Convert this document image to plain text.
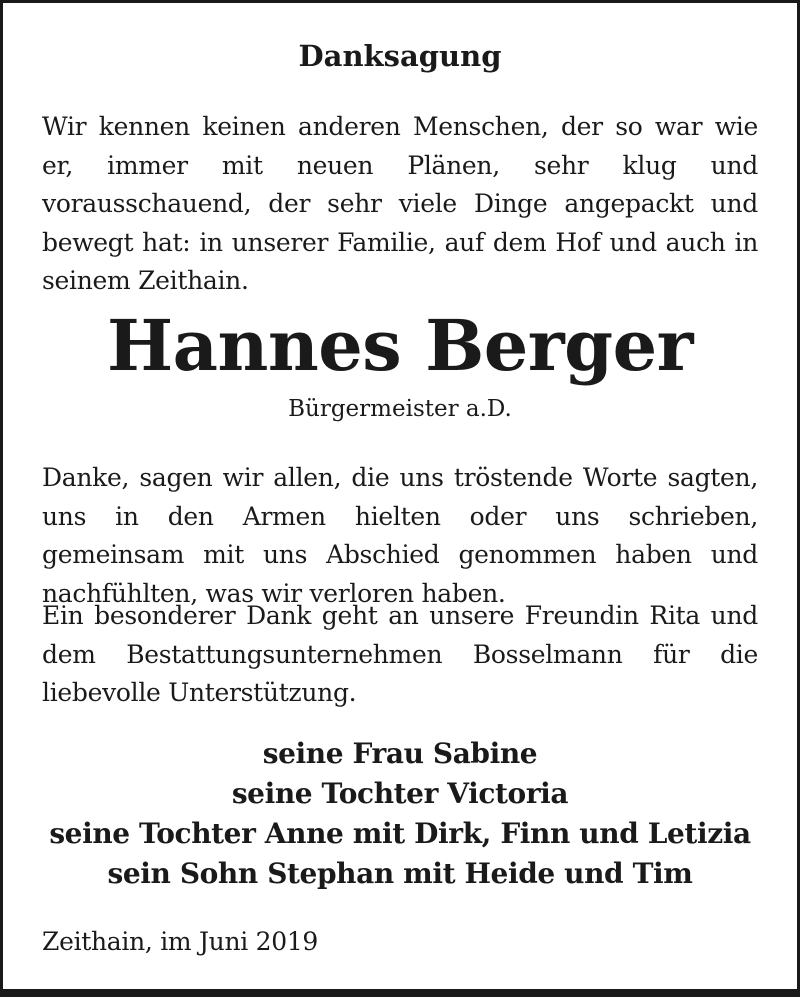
Danksagung
Wir kennen keinen anderen Menschen, der so war wie er, immer mit neuen Plänen, sehr klug und vorausschauend, der sehr viele Dinge angepackt und bewegt hat: in unserer Familie, auf dem Hof und auch in seinem Zeithain.
Hannes Berger
Bürgermeister a.D.
Danke, sagen wir allen, die uns tröstende Worte sagten, uns in den Armen hielten oder uns schrieben, gemeinsam mit uns Abschied genommen haben und nachfühlten, was wir verloren haben.
Ein besonderer Dank geht an unsere Freundin Rita und dem Bestattungsunternehmen Bosselmann für die liebevolle Unterstützung.
seine Frau Sabine
seine Tochter Victoria
seine Tochter Anne mit Dirk, Finn und Letizia
sein Sohn Stephan mit Heide und Tim
Zeithain, im Juni 2019
